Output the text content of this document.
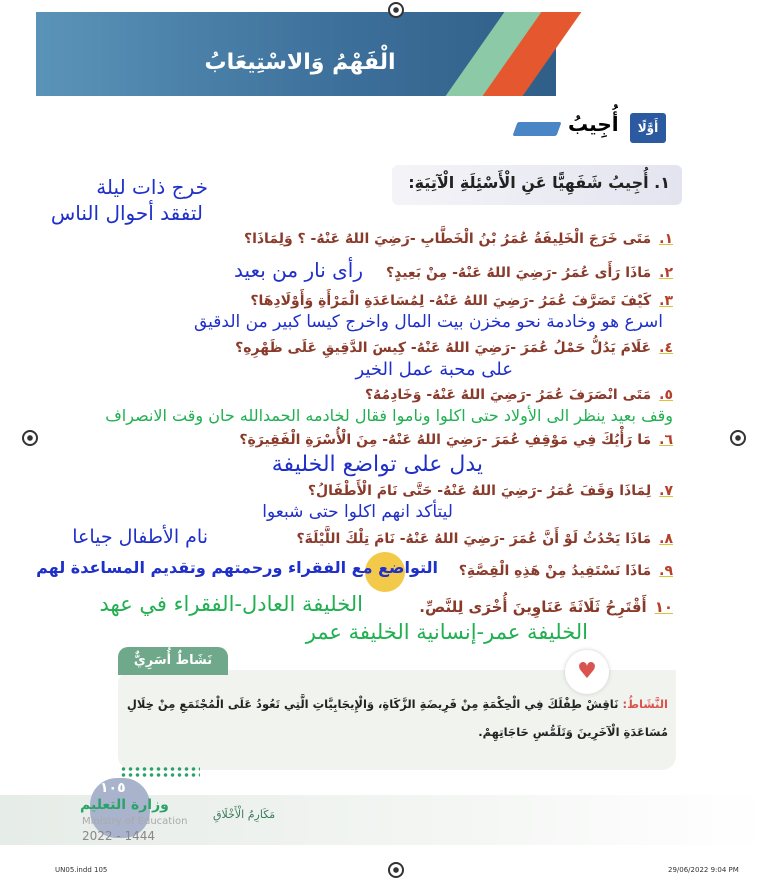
الْفَهْمُ وَالاسْتِيعَابُ
أَوَّلًا
أُجِيبُ
١. أُجِيبُ شَفَهِيًّا عَنِ الْأَسْئِلَةِ الْآتِيَةِ:
خرج ذات ليلة
لتفقد أحوال الناس
١.مَتَى خَرَجَ الْخَلِيفَةُ عُمَرُ بْنُ الْخَطَّابِ -رَضِيَ اللهُ عَنْهُ- ؟ وَلِمَاذَا؟
٢.مَاذَا رَأَى عُمَرُ -رَضِيَ اللهُ عَنْهُ- مِنْ بَعِيدٍ؟
رأى نار من بعيد
٣.كَيْفَ تَصَرَّفَ عُمَرُ -رَضِيَ اللهُ عَنْهُ- لِمُسَاعَدَةِ الْمَرْأَةِ وَأَوْلَادِهَا؟
اسرع هو وخادمة نحو مخزن بيت المال واخرج كيسا كبير من الدقيق
٤.عَلَامَ يَدُلُّ حَمْلُ عُمَرَ -رَضِيَ اللهُ عَنْهُ- كِيسَ الدَّقِيقِ عَلَى ظَهْرِهِ؟
على محبة عمل الخير
٥.مَتَى انْصَرَفَ عُمَرُ -رَضِيَ اللهُ عَنْهُ- وَخَادِمُهُ؟
وقف بعيد ينظر الى الأولاد حتى اكلوا وناموا فقال لخادمه الحمدالله حان وقت الانصراف
٦.مَا رَأْيُكَ فِي مَوْقِفِ عُمَرَ -رَضِيَ اللهُ عَنْهُ- مِنَ الْأُسْرَةِ الْفَقِيرَةِ؟
يدل على تواضع الخليفة
٧.لِمَاذَا وَقَفَ عُمَرُ -رَضِيَ اللهُ عَنْهُ- حَتَّى نَامَ الْأَطْفَالُ؟
ليتأكد انهم اكلوا حتى شبعوا
٨.مَاذَا يَحْدُثُ لَوْ أَنَّ عُمَرَ -رَضِيَ اللهُ عَنْهُ- نَامَ تِلْكَ اللَّيْلَةَ؟
نام الأطفال جياعا
٩.مَاذَا نَسْتَفِيدُ مِنْ هَذِهِ الْقِصَّةِ؟
التواضع مع الفقراء ورحمتهم وتقديم المساعدة لهم
١٠أَقْتَرِحُ ثَلَاثَةَ عَنَاوِينَ أُخْرَى لِلنَّصِّ.
الخليفة العادل-الفقراء في عهد
الخليفة عمر-إنسانية الخليفة عمر
نَشَاطٌ أُسَرِيٌّ	♥
النَّشَاطُ: نَاقِشْ طِفْلَكَ فِي الْحِكْمَةِ مِنْ فَرِيضَةِ الزَّكَاةِ، وَالْإِيجَابِيَّاتِ الَّتِي تَعُودُ عَلَى الْمُجْتَمَعِ مِنْ خِلَالِ مُسَاعَدَةِ الْآخَرِينَ وَتَلَمُّسِ حَاجَاتِهِمْ.
١٠٥
وزارة التعليم
Ministry of Education
2022 - 1444
مَكَارِمُ الْأَخْلَاقِ
UN05.indd 105	29/06/2022 9:04 PM
